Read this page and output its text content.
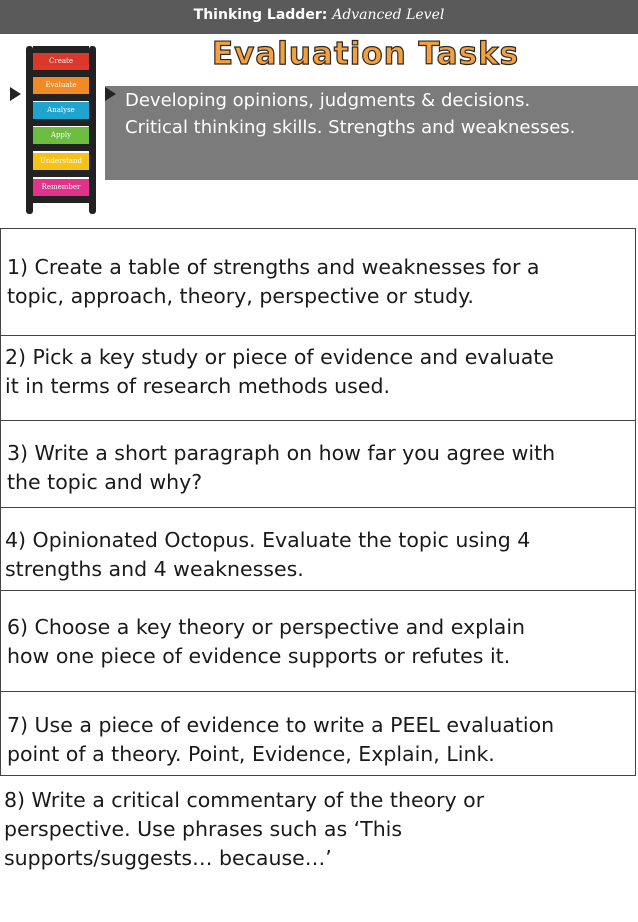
Thinking Ladder: Advanced Level
Create
Evaluate
Analyse
Apply
Understand
Remember
Evaluation Tasks
Developing opinions, judgments & decisions.
Critical thinking skills. Strengths and weaknesses.
1) Create a table of strengths and weaknesses for a
topic, approach, theory, perspective or study.
2) Pick a key study or piece of evidence and evaluate
it in terms of research methods used.
3) Write a short paragraph on how far you agree with
the topic and why?
4) Opinionated Octopus. Evaluate the topic using 4
strengths and 4 weaknesses.
6) Choose a key theory or perspective and explain
how one piece of evidence supports or refutes it.
7) Use a piece of evidence to write a PEEL evaluation
point of a theory. Point, Evidence, Explain, Link.
8) Write a critical commentary of the theory or
perspective. Use phrases such as ‘This
supports/suggests… because…’
